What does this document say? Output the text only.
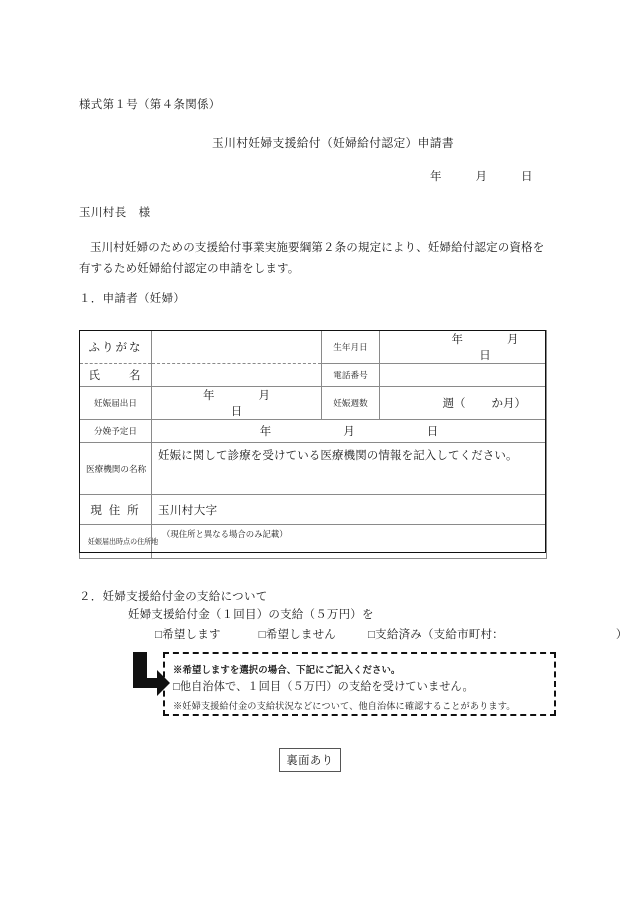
様式第１号（第４条関係）
玉川村妊婦支援給付（妊婦給付認定）申請書
年	月	日
玉川村長 様
玉川村妊婦のための支援給付事業実施要綱第２条の規定により、妊婦給付認定の資格を有するため妊婦給付認定の申請をします。
１．申請者（妊婦）
ふりがな		生年月日	年 月日

氏　　名		電話番号	
妊娠届出日	年 月日	妊娠週数	週（ か月）

分娩予定日	年 月 日		

医療機関の名称	妊娠に関して診療を受けている医療機関の情報を記入してください。		

現 住 所	玉川村大字		

妊娠届出時点の住所地	（現住所と異なる場合のみ記載）		
２．妊婦支援給付金の支給について
妊婦支援給付金（１回目）の支給（５万円）を
□希望します	□希望しません	□支給済み（支給市町村：	）
※希望しますを選択の場合、下記にご記入ください。
□他自治体で、１回目（５万円）の支給を受けていません。
※妊婦支援給付金の支給状況などについて、他自治体に確認することがあります。
裏面あり
